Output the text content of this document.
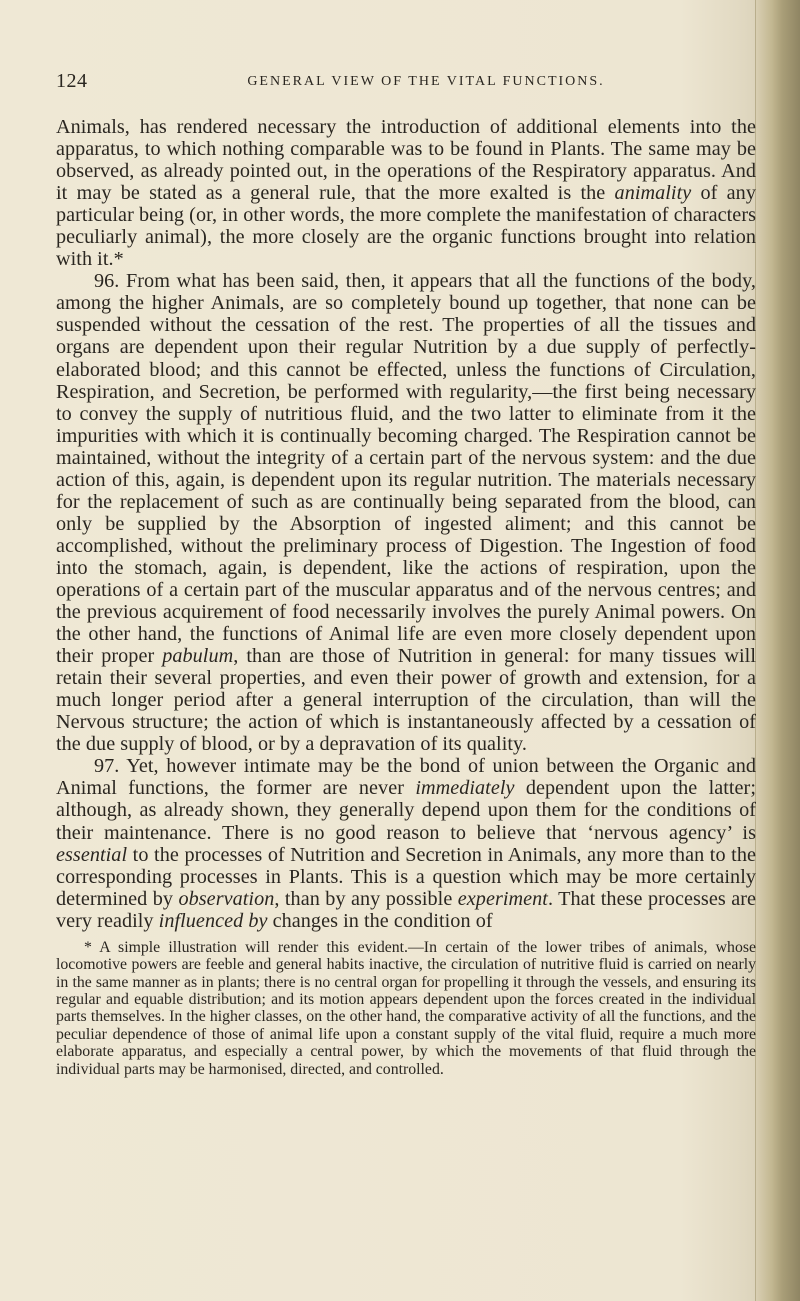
124	GENERAL VIEW OF THE VITAL FUNCTIONS.

Animals, has rendered necessary the introduction of additional elements into the apparatus, to which nothing comparable was to be found in Plants. The same may be observed, as already pointed out, in the operations of the Respiratory apparatus. And it may be stated as a general rule, that the more exalted is the animality of any particular being (or, in other words, the more complete the manifestation of characters peculiarly animal), the more closely are the organic functions brought into relation with it.*

96. From what has been said, then, it appears that all the functions of the body, among the higher Animals, are so completely bound up together, that none can be suspended without the cessation of the rest. The properties of all the tissues and organs are dependent upon their regular Nutrition by a due supply of perfectly-elaborated blood; and this cannot be effected, unless the functions of Circulation, Respiration, and Secretion, be performed with regularity,—the first being necessary to convey the supply of nutritious fluid, and the two latter to eliminate from it the impurities with which it is continually becoming charged. The Respiration cannot be maintained, without the integrity of a certain part of the nervous system: and the due action of this, again, is dependent upon its regular nutrition. The materials necessary for the replacement of such as are continually being separated from the blood, can only be supplied by the Absorption of ingested aliment; and this cannot be accomplished, without the preliminary process of Digestion. The Ingestion of food into the stomach, again, is dependent, like the actions of respiration, upon the operations of a certain part of the muscular apparatus and of the nervous centres; and the previous acquirement of food necessarily involves the purely Animal powers. On the other hand, the functions of Animal life are even more closely dependent upon their proper pabulum, than are those of Nutrition in general: for many tissues will retain their several properties, and even their power of growth and extension, for a much longer period after a general interruption of the circulation, than will the Nervous structure; the action of which is instantaneously affected by a cessation of the due supply of blood, or by a depravation of its quality.

97. Yet, however intimate may be the bond of union between the Organic and Animal functions, the former are never immediately dependent upon the latter; although, as already shown, they generally depend upon them for the conditions of their maintenance. There is no good reason to believe that ‘nervous agency’ is essential to the processes of Nutrition and Secretion in Animals, any more than to the corresponding processes in Plants. This is a question which may be more certainly determined by observation, than by any possible experiment. That these processes are very readily influenced by changes in the condition of

* A simple illustration will render this evident.—In certain of the lower tribes of animals, whose locomotive powers are feeble and general habits inactive, the circulation of nutritive fluid is carried on nearly in the same manner as in plants; there is no central organ for propelling it through the vessels, and ensuring its regular and equable distribution; and its motion appears dependent upon the forces created in the individual parts themselves. In the higher classes, on the other hand, the comparative activity of all the functions, and the peculiar dependence of those of animal life upon a constant supply of the vital fluid, require a much more elaborate apparatus, and especially a central power, by which the movements of that fluid through the individual parts may be harmonised, directed, and controlled.
